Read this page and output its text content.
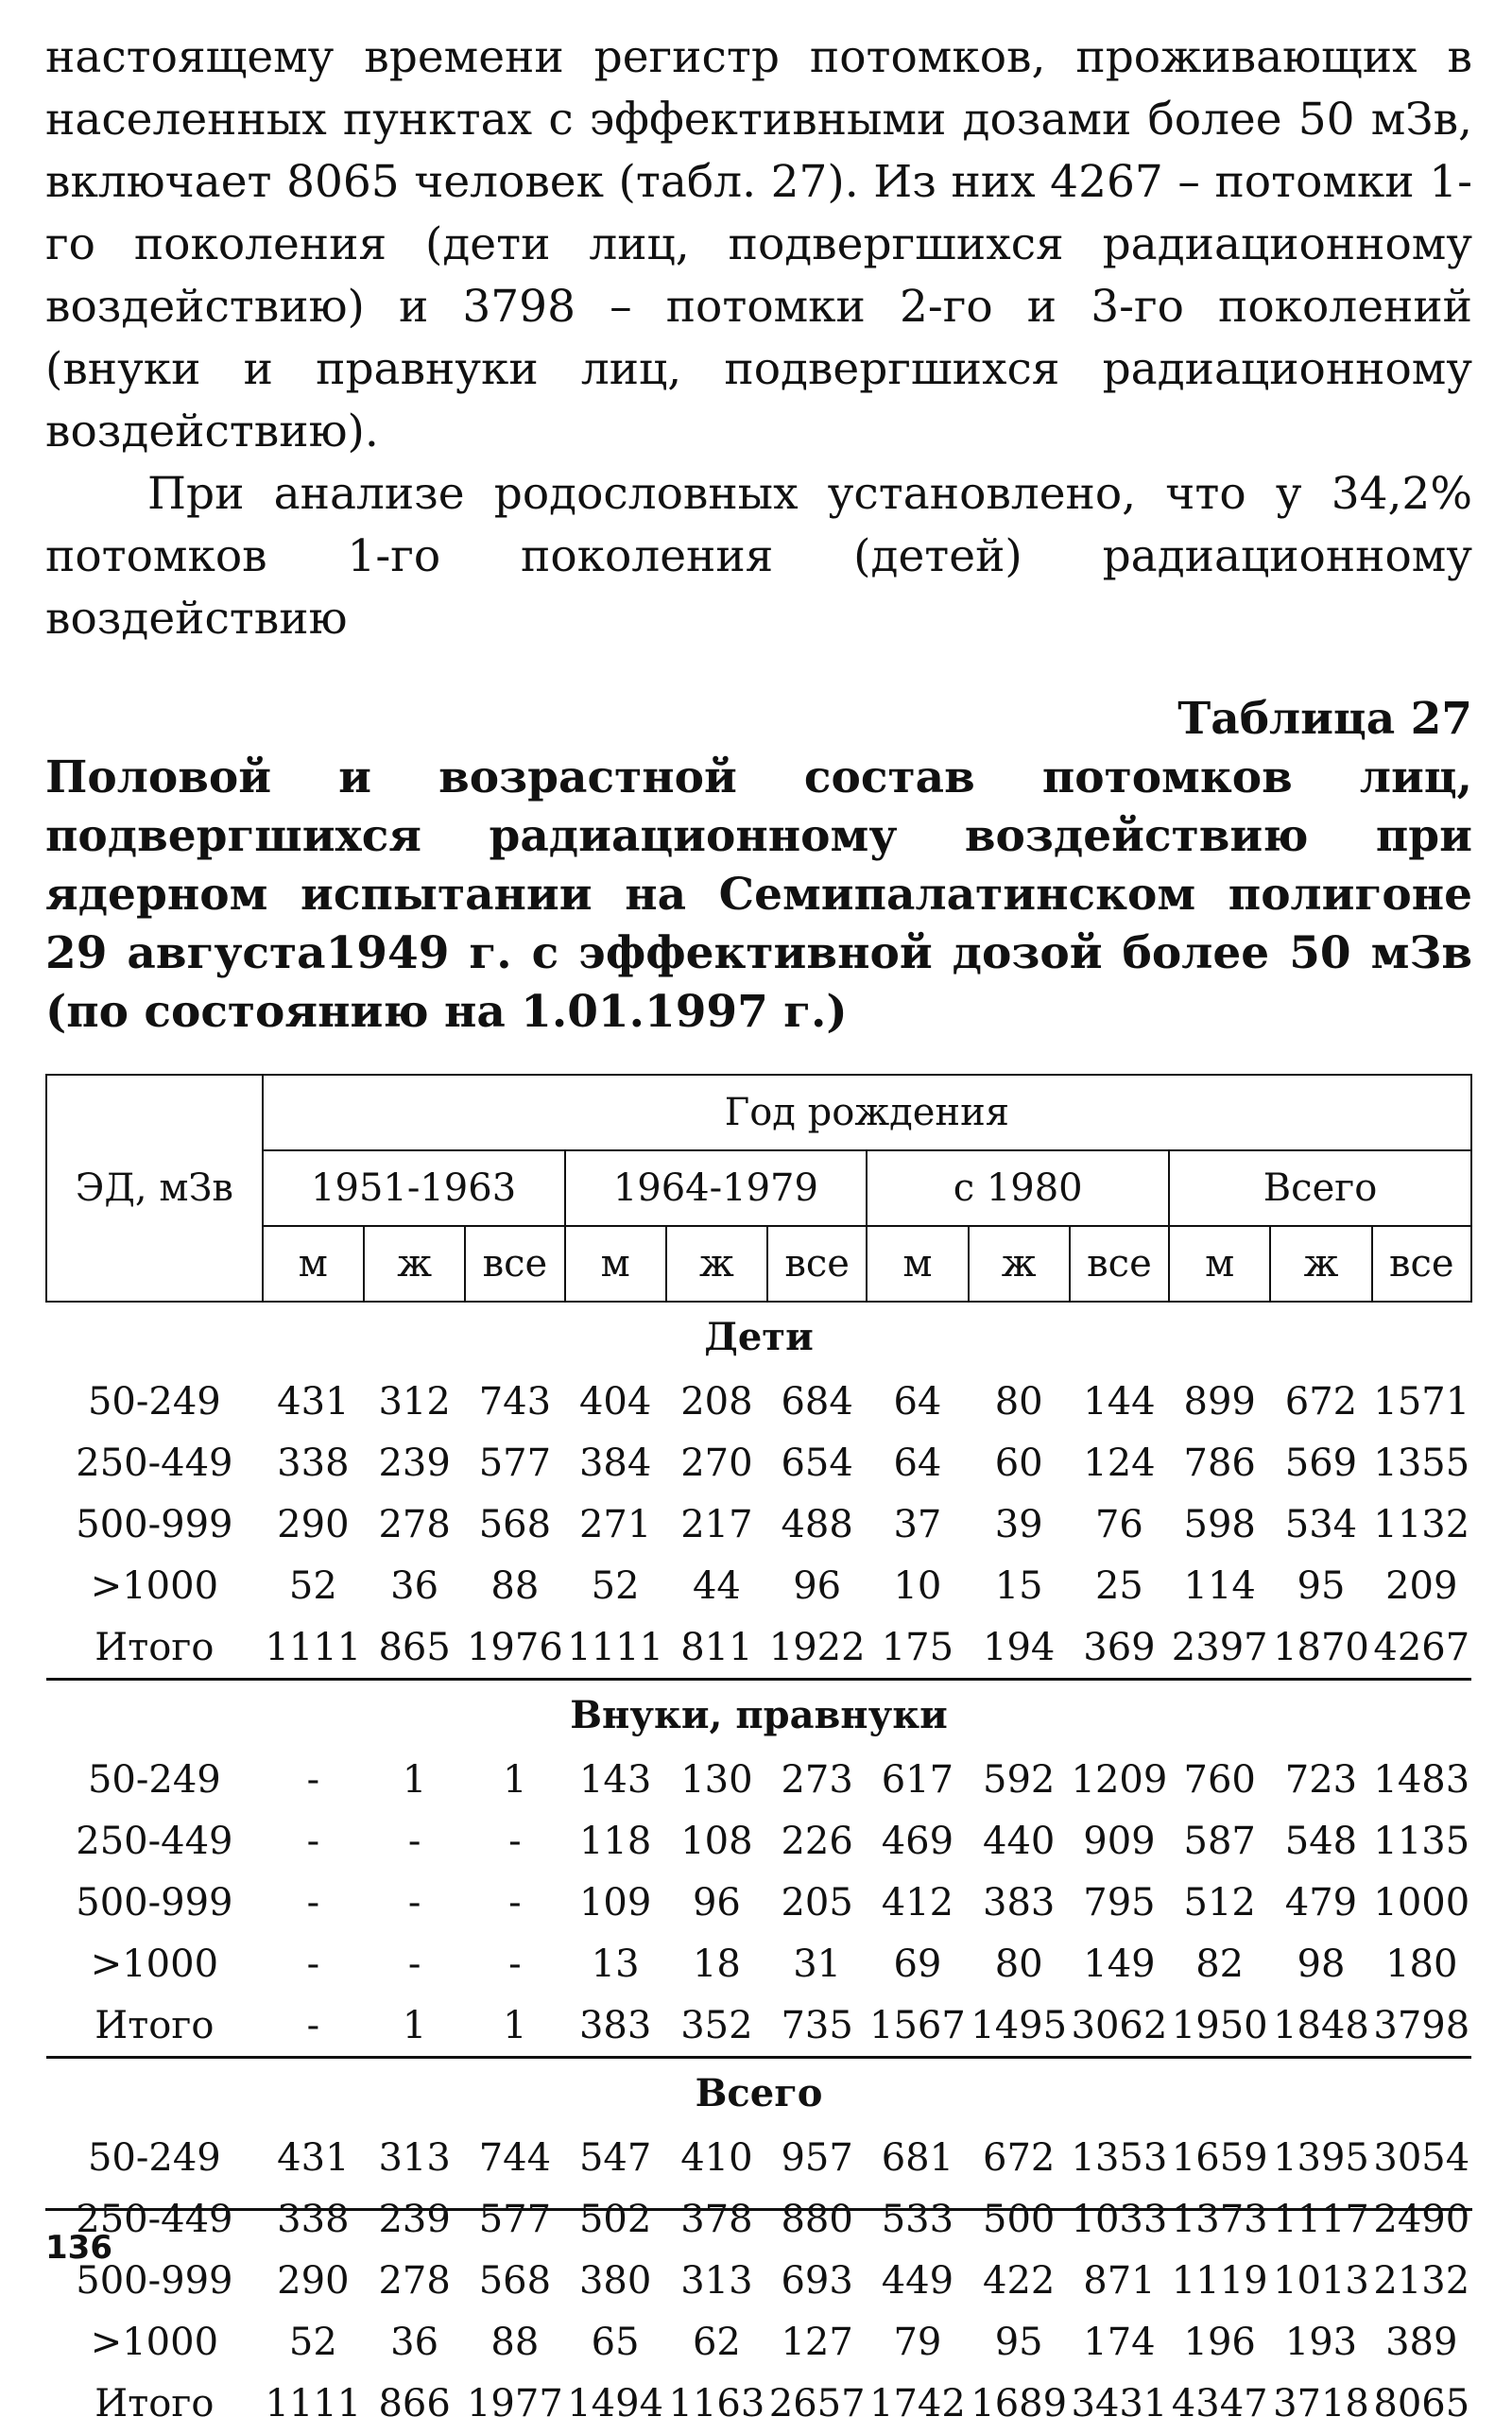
настоящему времени регистр потомков, проживающих в населенных пунктах с эффективными дозами более 50 мЗв, включает 8065 человек (табл. 27). Из них 4267 – потомки 1-го поколения (дети лиц, подвергшихся радиационному воздействию) и 3798 – потомки 2-го и 3-го поколений (внуки и правнуки лиц, подвергшихся радиационному воздействию).

При анализе родословных установлено, что у 34,2% потомков 1-го поколения (детей) радиационному воздействию

Таблица 27
Половой и возрастной состав потомков лиц, подвергшихся радиационному воздействию при ядерном испытании на Семипалатинском полигоне 29 августа1949 г. с эффективной дозой более 50 мЗв (по состоянию на 1.01.1997 г.)
ЭД, мЗв	Год рождения											
	1951-1963			1964-1979			с 1980			Всего		
	м	ж	все	м	ж	все	м	ж	все	м	ж	все
Дети												
50-249	431	312	743	404	208	684	64	80	144	899	672	1571
250-449	338	239	577	384	270	654	64	60	124	786	569	1355
500-999	290	278	568	271	217	488	37	39	76	598	534	1132
>1000	52	36	88	52	44	96	10	15	25	114	95	209
Итого	1111	865	1976	1111	811	1922	175	194	369	2397	1870	4267
Внуки, правнуки												
50-249	-	1	1	143	130	273	617	592	1209	760	723	1483
250-449	-	-	-	118	108	226	469	440	909	587	548	1135
500-999	-	-	-	109	96	205	412	383	795	512	479	1000
>1000	-	-	-	13	18	31	69	80	149	82	98	180
Итого	-	1	1	383	352	735	1567	1495	3062	1950	1848	3798
Всего												
50-249	431	313	744	547	410	957	681	672	1353	1659	1395	3054
250-449	338	239	577	502	378	880	533	500	1033	1373	1117	2490
500-999	290	278	568	380	313	693	449	422	871	1119	1013	2132
>1000	52	36	88	65	62	127	79	95	174	196	193	389
Итого	1111	866	1977	1494	1163	2657	1742	1689	3431	4347	3718	8065
136
